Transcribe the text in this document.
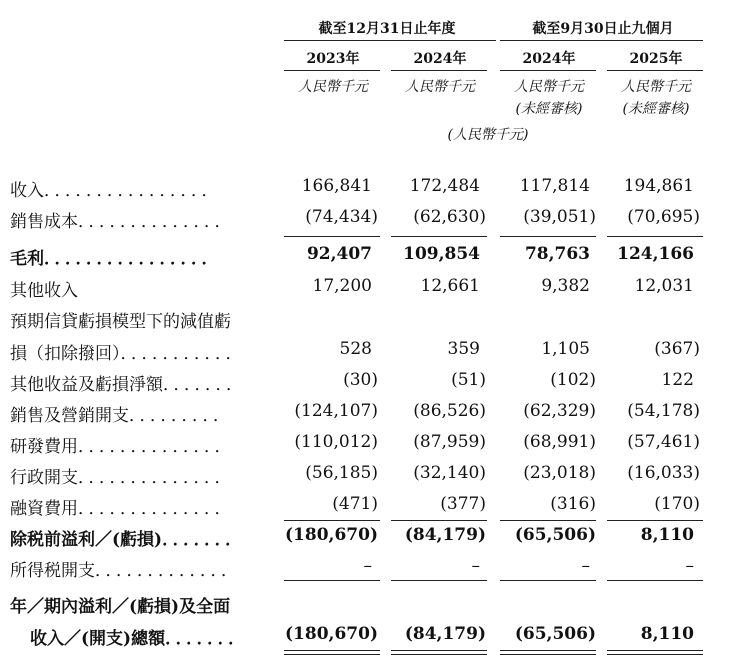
截至12月31日止年度	截至9月30日止九個月
2023年	2024年	2024年	2025年
人民幣千元	人民幣千元	人民幣千元	人民幣千元
(未經審核)	(未經審核)
(人民幣千元)
收入．．．．．．．．．．．．．．．．	166,841	172,484	117,814	194,861
銷售成本．．．．．．．．．．．．．．	(74,434)	(62,630)	(39,051)	(70,695)
毛利．．．．．．．．．．．．．．．．	92,407	109,854	78,763	124,166
其他收入	17,200	12,661	9,382	12,031
預期信貸虧損模型下的減值虧
損（扣除撥回）．．．．．．．．．．．	528	359	1,105	(367)
其他收益及虧損淨額．．．．．．．	(30)	(51)	(102)	122
銷售及營銷開支．．．．．．．．．	(124,107)	(86,526)	(62,329)	(54,178)
研發費用．．．．．．．．．．．．．．	(110,012)	(87,959)	(68,991)	(57,461)
行政開支．．．．．．．．．．．．．．	(56,185)	(32,140)	(23,018)	(16,033)
融資費用．．．．．．．．．．．．．．	(471)	(377)	(316)	(170)
除税前溢利／(虧損)．．．．．．．	(180,670)	(84,179)	(65,506)	8,110
所得税開支．．．．．．．．．．．．．	–	–	–	–
年／期內溢利／(虧損)及全面
收入／(開支)總額．．．．．．．	(180,670)	(84,179)	(65,506)	8,110
